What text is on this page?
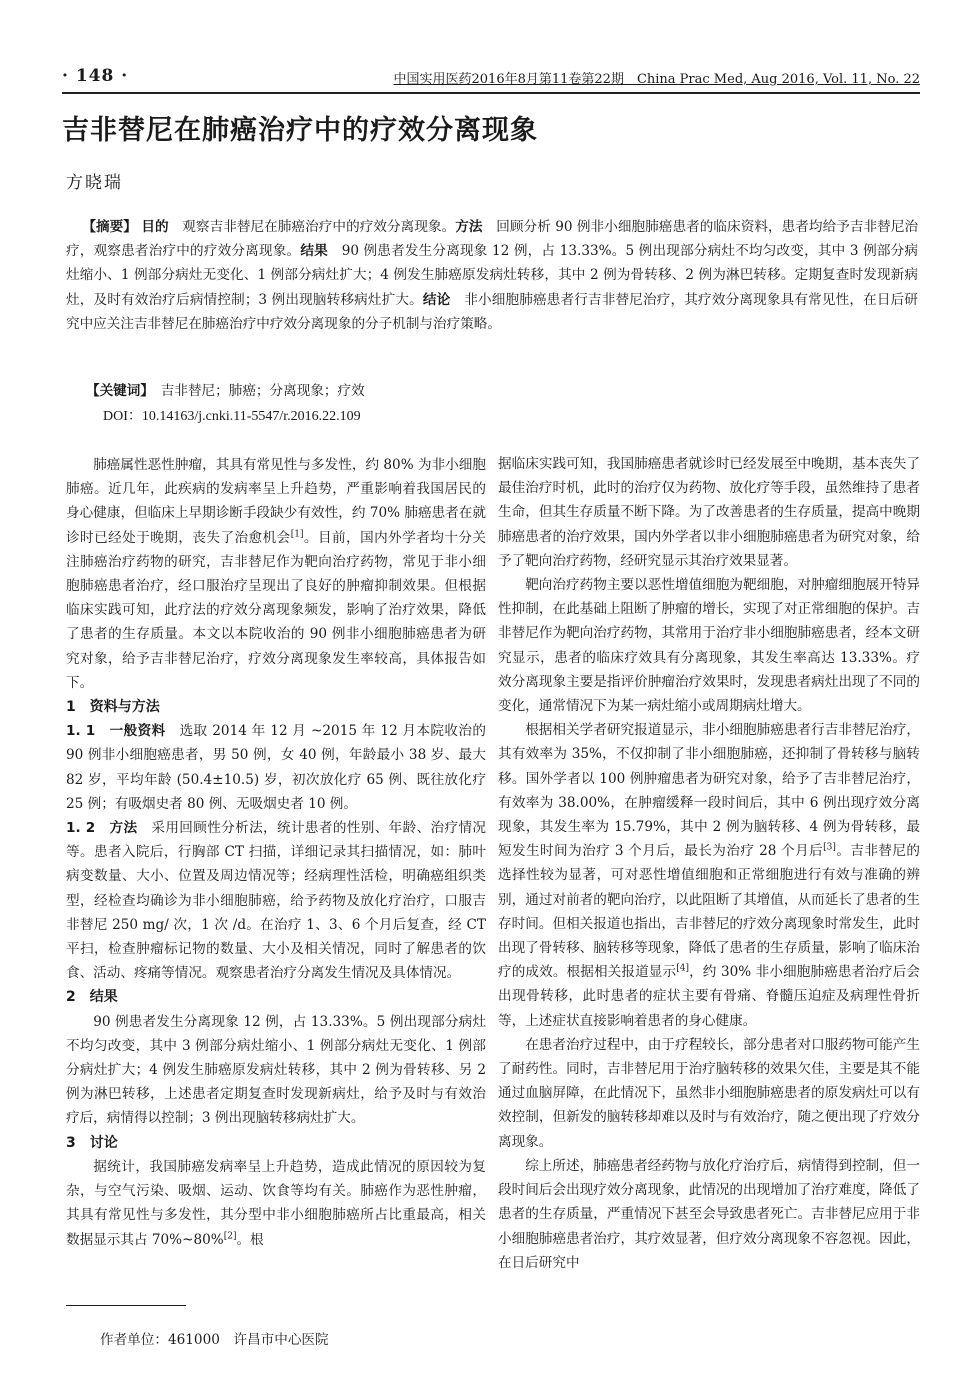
· 148 ·	中国实用医药2016年8月第11卷第22期　China Prac Med, Aug 2016, Vol. 11, No. 22
吉非替尼在肺癌治疗中的疗效分离现象
方晓瑞

【摘要】 目的　 观察吉非替尼在肺癌治疗中的疗效分离现象。方法　 回顾分析 90 例非小细胞肺癌患者的临床资料，患者均给予吉非替尼治疗，观察患者治疗中的疗效分离现象。结果　 90 例患者发生分离现象 12 例，占 13.33%。5 例出现部分病灶不均匀改变，其中 3 例部分病灶缩小、1 例部分病灶无变化、1 例部分病灶扩大；4 例发生肺癌原发病灶转移，其中 2 例为骨转移、2 例为淋巴转移。定期复查时发现新病灶，及时有效治疗后病情控制；3 例出现脑转移病灶扩大。结论　 非小细胞肺癌患者行吉非替尼治疗，其疗效分离现象具有常见性，在日后研究中应关注吉非替尼在肺癌治疗中疗效分离现象的分子机制与治疗策略。

【关键词】　 吉非替尼；肺癌；分离现象；疗效
DOI：10.14163/j.cnki.11-5547/r.2016.22.109

肺癌属性恶性肿瘤，其具有常见性与多发性，约 80% 为非小细胞肺癌。近几年，此疾病的发病率呈上升趋势，严重影响着我国居民的身心健康，但临床上早期诊断手段缺少有效性，约 70% 肺癌患者在就诊时已经处于晚期，丧失了治愈机会[1]。目前，国内外学者均十分关注肺癌治疗药物的研究，吉非替尼作为靶向治疗药物，常见于非小细胞肺癌患者治疗，经口服治疗呈现出了良好的肿瘤抑制效果。但根据临床实践可知，此疗法的疗效分离现象频发，影响了治疗效果，降低了患者的生存质量。本文以本院收治的 90 例非小细胞肺癌患者为研究对象，给予吉非替尼治疗，疗效分离现象发生率较高，具体报告如下。

1　资料与方法

1. 1　一般资料　选取 2014 年 12 月 ~2015 年 12 月本院收治的 90 例非小细胞癌患者，男 50 例，女 40 例，年龄最小 38 岁、最大 82 岁，平均年龄 (50.4±10.5) 岁，初次放化疗 65 例、既往放化疗 25 例；有吸烟史者 80 例、无吸烟史者 10 例。

1. 2　方法　采用回顾性分析法，统计患者的性别、年龄、治疗情况等。患者入院后，行胸部 CT 扫描，详细记录其扫描情况，如：肺叶病变数量、大小、位置及周边情况等；经病理性活检，明确癌组织类型，经检查均确诊为非小细胞肺癌，给予药物及放化疗治疗，口服吉非替尼 250 mg/ 次，1 次 /d。在治疗 1、3、6 个月后复查，经 CT 平扫，检查肿瘤标记物的数量、大小及相关情况，同时了解患者的饮食、活动、疼痛等情况。观察患者治疗分离发生情况及具体情况。

2　结果

90 例患者发生分离现象 12 例，占 13.33%。5 例出现部分病灶不均匀改变，其中 3 例部分病灶缩小、1 例部分病灶无变化、1 例部分病灶扩大；4 例发生肺癌原发病灶转移，其中 2 例为骨转移、另 2 例为淋巴转移，上述患者定期复查时发现新病灶，给予及时与有效治疗后，病情得以控制；3 例出现脑转移病灶扩大。

3　讨论

据统计，我国肺癌发病率呈上升趋势，造成此情况的原因较为复杂，与空气污染、吸烟、运动、饮食等均有关。肺癌作为恶性肿瘤，其具有常见性与多发性，其分型中非小细胞肺癌所占比重最高，相关数据显示其占 70%~80%[2]。根

据临床实践可知，我国肺癌患者就诊时已经发展至中晚期，基本丧失了最佳治疗时机，此时的治疗仅为药物、放化疗等手段，虽然维持了患者生命，但其生存质量不断下降。为了改善患者的生存质量，提高中晚期肺癌患者的治疗效果，国内外学者以非小细胞肺癌患者为研究对象，给予了靶向治疗药物，经研究显示其治疗效果显著。

靶向治疗药物主要以恶性增值细胞为靶细胞，对肿瘤细胞展开特异性抑制，在此基础上阻断了肿瘤的增长，实现了对正常细胞的保护。吉非替尼作为靶向治疗药物，其常用于治疗非小细胞肺癌患者，经本文研究显示，患者的临床疗效具有分离现象，其发生率高达 13.33%。疗效分离现象主要是指评价肿瘤治疗效果时，发现患者病灶出现了不同的变化，通常情况下为某一病灶缩小或周期病灶增大。

根据相关学者研究报道显示，非小细胞肺癌患者行吉非替尼治疗，其有效率为 35%，不仅抑制了非小细胞肺癌，还抑制了骨转移与脑转移。国外学者以 100 例肿瘤患者为研究对象，给予了吉非替尼治疗，有效率为 38.00%，在肿瘤缓释一段时间后，其中 6 例出现疗效分离现象，其发生率为 15.79%，其中 2 例为脑转移、4 例为骨转移，最短发生时间为治疗 3 个月后，最长为治疗 28 个月后[3]。吉非替尼的选择性较为显著，可对恶性增值细胞和正常细胞进行有效与准确的辨别，通过对前者的靶向治疗，以此阻断了其增值，从而延长了患者的生存时间。但相关报道也指出，吉非替尼的疗效分离现象时常发生，此时出现了骨转移、脑转移等现象，降低了患者的生存质量，影响了临床治疗的成效。根据相关报道显示[4]，约 30% 非小细胞肺癌患者治疗后会出现骨转移，此时患者的症状主要有骨痛、脊髓压迫症及病理性骨折等，上述症状直接影响着患者的身心健康。

在患者治疗过程中，由于疗程较长，部分患者对口服药物可能产生了耐药性。同时，吉非替尼用于治疗脑转移的效果欠佳，主要是其不能通过血脑屏障，在此情况下，虽然非小细胞肺癌患者的原发病灶可以有效控制，但新发的脑转移却难以及时与有效治疗，随之便出现了疗效分离现象。

综上所述，肺癌患者经药物与放化疗治疗后，病情得到控制，但一段时间后会出现疗效分离现象，此情况的出现增加了治疗难度，降低了患者的生存质量，严重情况下甚至会导致患者死亡。吉非替尼应用于非小细胞肺癌患者治疗，其疗效显著，但疗效分离现象不容忽视。因此，在日后研究中

作者单位：461000　许昌市中心医院
